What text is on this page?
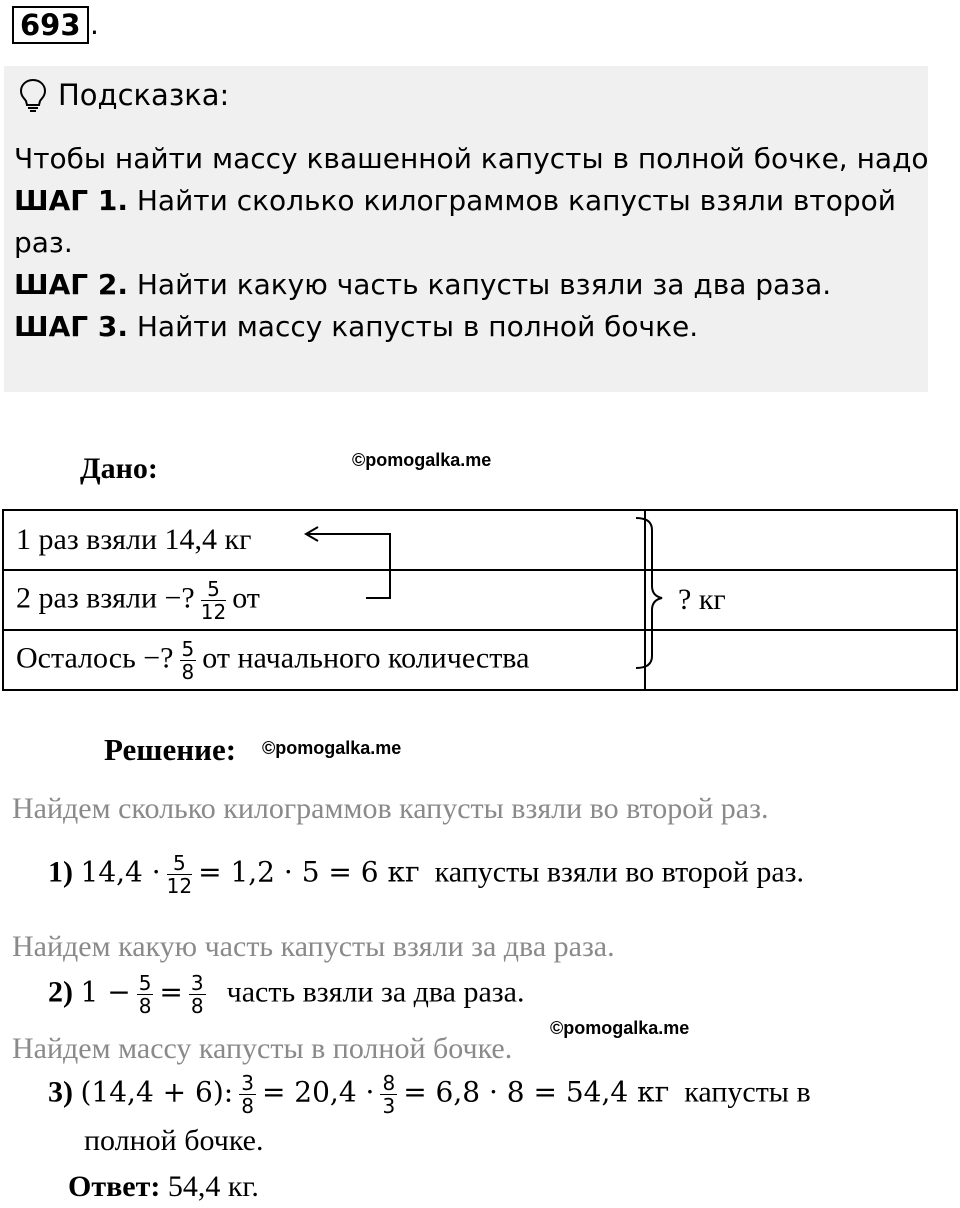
693 .
Подсказка:
Чтобы найти массу квашенной капусты в полной бочке, надо
ШАГ 1. Найти сколько килограммов капусты взяли второй
раз.
ШАГ 2. Найти какую часть капусты взяли за два раза.
ШАГ 3. Найти массу капусты в полной бочке.
Дано:	©pomogalka.me
1 раз взяли 14,4 кг	
2 раз взяли −? $\frac{5}{12}$ от	? кг
Осталось −? $\frac{5}{8}$ от начального количества	
Решение: ©pomogalka.me
Найдем сколько килограммов капусты взяли во второй раз.
1) $14,4 \cdot \frac{5}{12} = 1,2 \cdot 5 = 6$ кг капусты взяли во второй раз.
Найдем какую часть капусты взяли за два раза.
2) $1 - \frac{5}{8} = \frac{3}{8}$ часть взяли за два раза.
Найдем массу капусты в полной бочке.
©pomogalka.me
3) (14,4 + 6): $\frac{3}{8} = 20,4 \cdot \frac{8}{3} = 6,8 \cdot 8 = 54,4$ кг капусты в
полной бочке.
Ответ: 54,4 кг.
